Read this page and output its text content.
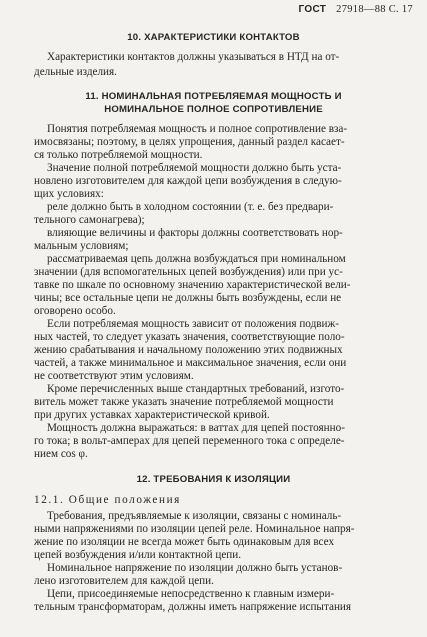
ГОСТ 27918—88 С. 17
10. ХАРАКТЕРИСТИКИ КОНТАКТОВ
Характеристики контактов должны указываться в НТД на от-
дельные изделия.
11. НОМИНАЛЬНАЯ ПОТРЕБЛЯЕМАЯ МОЩНОСТЬ И
НОМИНАЛЬНОЕ ПОЛНОЕ СОПРОТИВЛЕНИЕ
Понятия потребляемая мощность и полное сопротивление вза-
имосвязаны; поэтому, в целях упрощения, данный раздел касает-
ся только потребляемой мощности.
Значение полной потребляемой мощности должно быть уста-
новлено изготовителем для каждой цепи возбуждения в следую-
щих условиях:
реле должно быть в холодном состоянии (т. е. без предвари-
тельного самонагрева);
влияющие величины и факторы должны соответствовать нор-
мальным условиям;
рассматриваемая цепь должна возбуждаться при номинальном
значении (для вспомогательных цепей возбуждения) или при ус-
тавке по шкале по основному значению характеристической вели-
чины; все остальные цепи не должны быть возбуждены, если не
оговорено особо.
Если потребляемая мощность зависит от положения подвиж-
ных частей, то следует указать значения, соответствующие поло-
жению срабатывания и начальному положению этих подвижных
частей, а также минимальное и максимальное значения, если они
не соответствуют этим условиям.
Кроме перечисленных выше стандартных требований, изгото-
витель может также указать значение потребляемой мощности
при других уставках характеристической кривой.
Мощность должна выражаться: в ваттах для цепей постоянно-
го тока; в вольт-амперах для цепей переменного тока с определе-
нием cos φ.
12. ТРЕБОВАНИЯ К ИЗОЛЯЦИИ
12.1. Общие положения
Требования, предъявляемые к изоляции, связаны с номиналь-
ными напряжениями по изоляции цепей реле. Номинальное напря-
жение по изоляции не всегда может быть одинаковым для всех
цепей возбуждения и/или контактной цепи.
Номинальное напряжение по изоляции должно быть установ-
лено изготовителем для каждой цепи.
Цепи, присоединяемые непосредственно к главным измери-
тельным трансформаторам, должны иметь напряжение испытания
